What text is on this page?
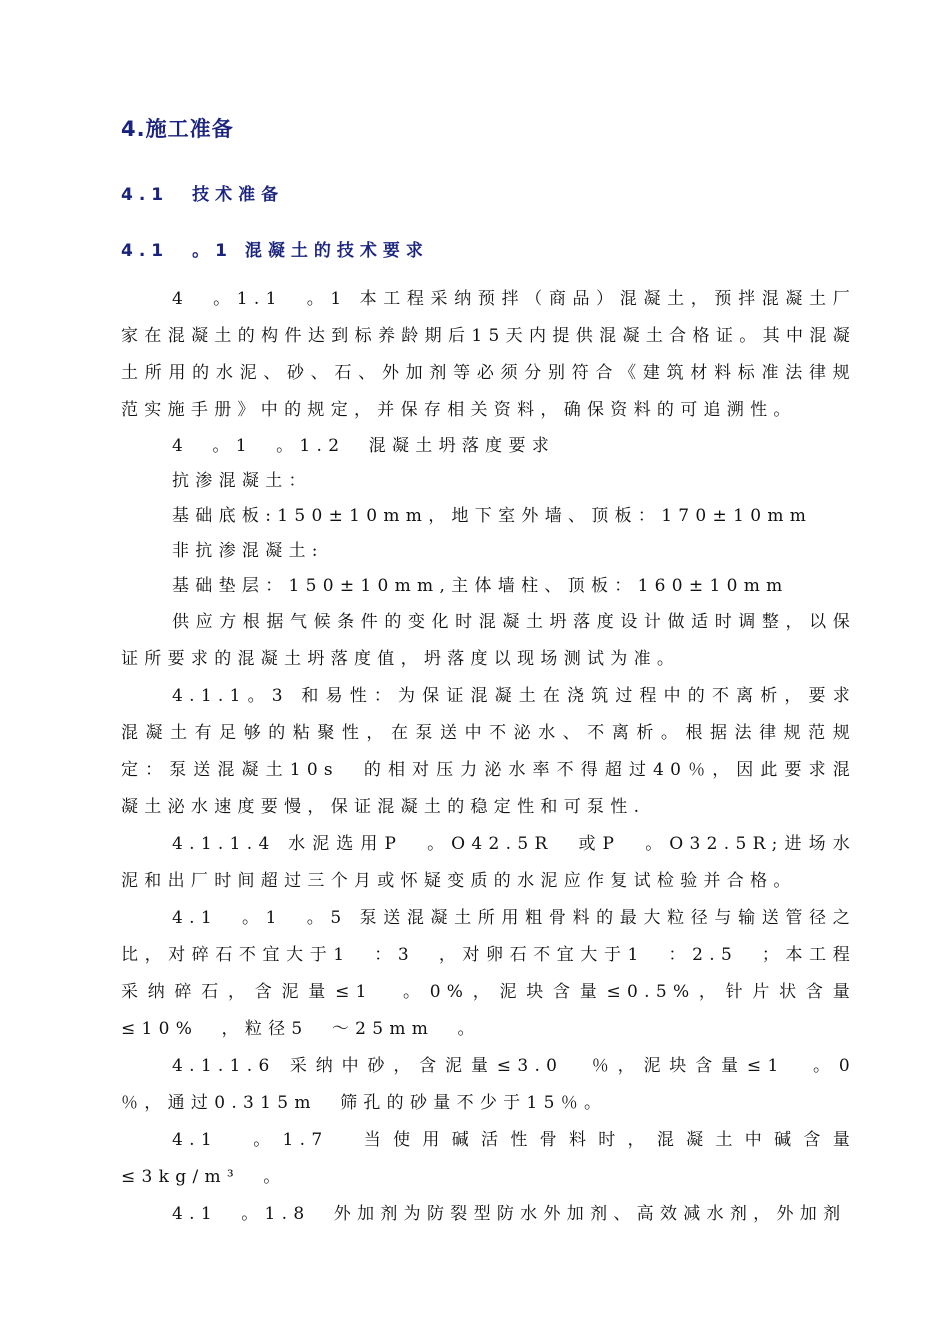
4.施工准备
4.1　技术准备
4.1　。1 混凝土的技术要求

4　。1.1　。1 本工程采纳预拌（商品）混凝土，预拌混凝土厂家在混凝土的构件达到标养龄期后15天内提供混凝土合格证。其中混凝土所用的水泥、砂、石、外加剂等必须分别符合《建筑材料标准法律规范实施手册》中的规定，并保存相关资料，确保资料的可追溯性。

4　。1　。1.2　混凝土坍落度要求

抗渗混凝土：

基础底板:150±10mm，地下室外墙、顶板：170±10mm

非抗渗混凝土:

基础垫层：150±10mm,主体墙柱、顶板：160±10mm

供应方根据气候条件的变化时混凝土坍落度设计做适时调整，以保证所要求的混凝土坍落度值，坍落度以现场测试为准。

4.1.1。3 和易性：为保证混凝土在浇筑过程中的不离析，要求混凝土有足够的粘聚性，在泵送中不泌水、不离析。根据法律规范规定：泵送混凝土10s　的相对压力泌水率不得超过40％，因此要求混凝土泌水速度要慢，保证混凝土的稳定性和可泵性.

4.1.1.4 水泥选用P　。O42.5R　或P　。O32.5R;进场水泥和出厂时间超过三个月或怀疑变质的水泥应作复试检验并合格。

4.1　。1　。5 泵送混凝土所用粗骨料的最大粒径与输送管径之比，对碎石不宜大于1　：3　，对卵石不宜大于1　：2.5　；本工程采纳碎石，含泥量≤1　。0%，泥块含量≤0.5%，针片状含量≤10%　，粒径5　～25mm　。

4.1.1.6 采纳中砂，含泥量≤3.0　％，泥块含量≤1　。0　％，通过0.315m　筛孔的砂量不少于15％。

4.1　。1.7　当使用碱活性骨料时，混凝土中碱含量≤3kg/m³　。

4.1　。1.8　外加剂为防裂型防水外加剂、高效减水剂，外加剂
